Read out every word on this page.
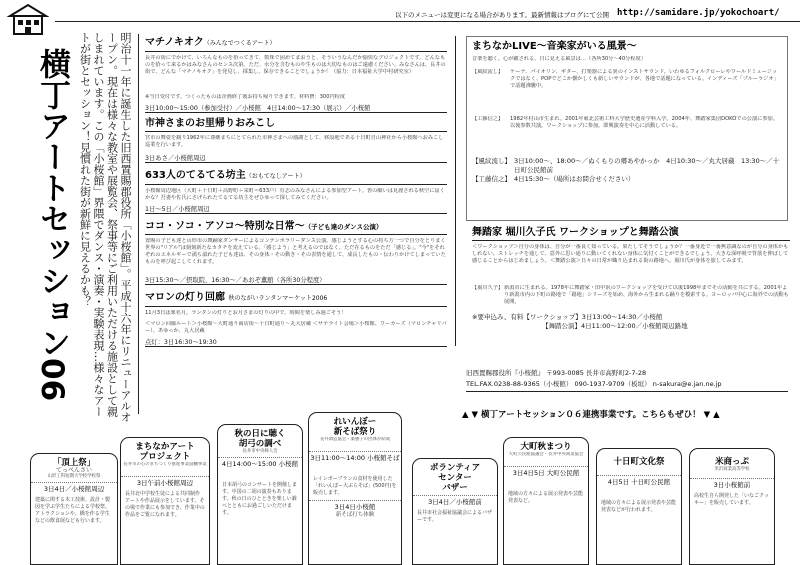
以下のメニューは変更になる場合があります。最新情報はブログにて公開 http://samidare.jp/yokochoart/
横丁アートセッション06	明治十一年に誕生した旧西置賜郡役所「小桜館」。平成十六年にリニューアルオープン。現在は様々な教室や展覧会、祭事等にご利用いただける施設として親しまれています。この「小桜館」界隈でダンス・演奏・実験表現…様々なアートが街とセッション！見慣れた街が新鮮に見えるかも？	マチノキオク（みんなでつくるアート）
長井の街にでかけて、いろんなものを拾ってきて、数珠で固めてまおうと、そういうなんだか愉快なプロジェクトです。どんなものを拾って来るかはみなさんのセンス次第。ただ、水分を含むものや生ものは大切なものはご遠慮ください。みなさんは、長井の街で、どんな「マチノキオク」を発見し、採集し、保存できることでしょうか！（協力：日本福祉大学中村研究室）
※当日受付です。つくったものは企画終了後お持ち帰りできます。材料費：300円程度
3日10:00〜15:00（参加受付）／小桜館　4日14:00〜17:30（展示）／小桜館
市神さまのお里帰りおみこし
宮市の舞姿を観り1962年に尊継まちにとてられた市神さまへの感謝として、移設地である十日町自山神社から小桜館へおみこし巡業を行います。
3日あさ／小桜館周辺
633人のてるてる坊主（おもてなしアート）
小桜館周辺地区（大町＋十日町＋高野町＋栄町＝633戸）有志のみなさんによる参加型アート。皆の願いは見渡される秋空に届くかな？吾妻や佐氏にさげられたてるてる坊主をぜひゆって探してみてください。
1日〜5日／小桜館周辺
ココ・ソコ・アソコ〜特別な日常〜（子ども達のダンス公演）
置賜の子ども達と山形市の舞踊家ダンサーによるコンテンポラリーダンス公演。感じようとする心の持ち方一つで自分をとりまく世界の"リアル"は刻刻新たなカタチを変えている。「感じよう」と考えるのではなく、ただ在るものをただ「感じる」。"今"をそれぞれのエネルギーで満ち溢れた子ども達は、その身体・その動き・その表情を通して、成長したもの・伝わりかけてしまっていたものを呼び起こしてくれます。
3日15:30〜／摂取院、16:30〜／あおぞ薫舘（各所30分程度）
マロンの灯り回廊 秋のながいランタンマーケット2006
11月3日は栗名月。ランタンの灯りとお月さまの灯りの中で、時間を楽しみ過ごそう！
＜マロン回廊ルート＞小桜館〜大町通り商店街〜十日町通り〜丸大居蔵 ＜サテライト会場＞小桜館、ワーカーズ（マロンチャリバー）、あゆっか、丸大居蔵
点灯：3日16:30〜19:30
まちなかLIVE〜音楽家がいる風景〜
音楽を聴く。心が躍される。日に見える風景は…（各所30分〜40分程度）
【風紋流し】	ケーナ、パイオリン、ギター、打楽器による異のインストサウンド。いわゆるフォルクローレやワールドミュージックではなく、POPでどこか懐かしくも新しいサウンドが、各地で話題になっている。インディーズ「ブルーラジオ」で話題沸騰中。
【工藤信之】	1982年村山市生まれ。2001年東北芸術工科大学歴史遺産学科入学。2004年、舞踏家集団DOKOでの公演に参加。以後参数共演。ワークショップに参加。即興演奏を中心に活動している。
【風紋流し】 3日10:00〜、18:00〜／ぬくもりの郷あやかっか　4日10:30〜／丸大居蔵　13:30〜／十日町公民館前
【工藤信之】 4日15:30〜（場所はお問合せください）
舞踏家 堀川久子氏 ワークショップと舞踏公演
＜ワークショップ＞自分の身体は、自分が一番良く知っている。果たしてそうでしょうか？一番身近で一番無意識なのが自分の身体かもしれない。ストレッチを通して、意外に思い通りに動いてくれない身体に気付くことができるでしょう。大きな深呼吸で背筋を伸ばして感じることからはじめましょう。＜舞踏公演＞日々の日常が織り込まれる街の路地へ。堀川氏が身体を旅してみます。
【堀川久子】 新潟市に生まれる。1978年に舞踏家・田中泯のワークショップを受けて以後1998年までその活動を共にする。2001年より新潟市内の下町の路地で「路地」シリーズを始め、海外から生まれる踊りを模索する。ヨーロッパ中心に海外での活動も展開。
※要申込み、有料【ワークショップ】3日13:00〜14:30／小桜館
【舞踏公演】4日11:00〜12:00／小桜館周辺路地
旧西置賜郡役所『小桜館』 〒993-0085 長井市高野町2-7-28
TEL.FAX.0238-88-9365（小桜館） 090-1937-9709（板垣） n-sakura@e.jan.ne.jp
▲ ▼ 横丁アートセッション０６連携事業です。こちらもぜひ！ ▼ ▲
「頂上祭」
てっぺんさい
山形工科短期大学校学校祭
3日4日／小桜館周辺
建築に関する木工技術、設計・製図を学ぶ学生たちによる学校祭。アトラクションや、橋を作る学生などの飲食展なども行います。
まちなかアート
プロジェクト
長井市の心のまちづくり推進事業協働事業
3日午前小桜館周辺
長井北中学校生徒による共同制作アートや作品展示をしています。その場で作業にも参加でき、作業中の作品をご覧になれます。
秋の日に聴く
胡弓の調べ
長井市中央婦人会
4日14:00〜15:00 小桜館
日本胡弓のコンサートを開催します。中国の二胡の演奏もあります。秋の日のひとときを楽しい調べとともにお過ごしいただけます。
れいんぼー
新そば祭り
長井酒造協会・薬膳子の団体が結成
3日11:00〜14:00 小桜館そば
レインボーブランの食材を使用した「れいんぼー大ぶらそば」(500円)を販売します。
3日4日小桜館
新そば打ち体験
ボランティア
センター
バザー
3日4日／小桜館前
長井市社会福祉協議会によるバザーです。
大町秋まつり
大町公民館協議会・長井中央商業協会
3日4日5日 大町公民館
地域の方々による展示発表や芸能発表など。
十日町文化祭
4日5日 十日町公民館
地域の方々による展示発表や芸能発表などが行われます。
米商っぷ
米沢商業高等学校
3日小桜館前
高校生自ら開発した「いなごクッキー」を販売しています。
